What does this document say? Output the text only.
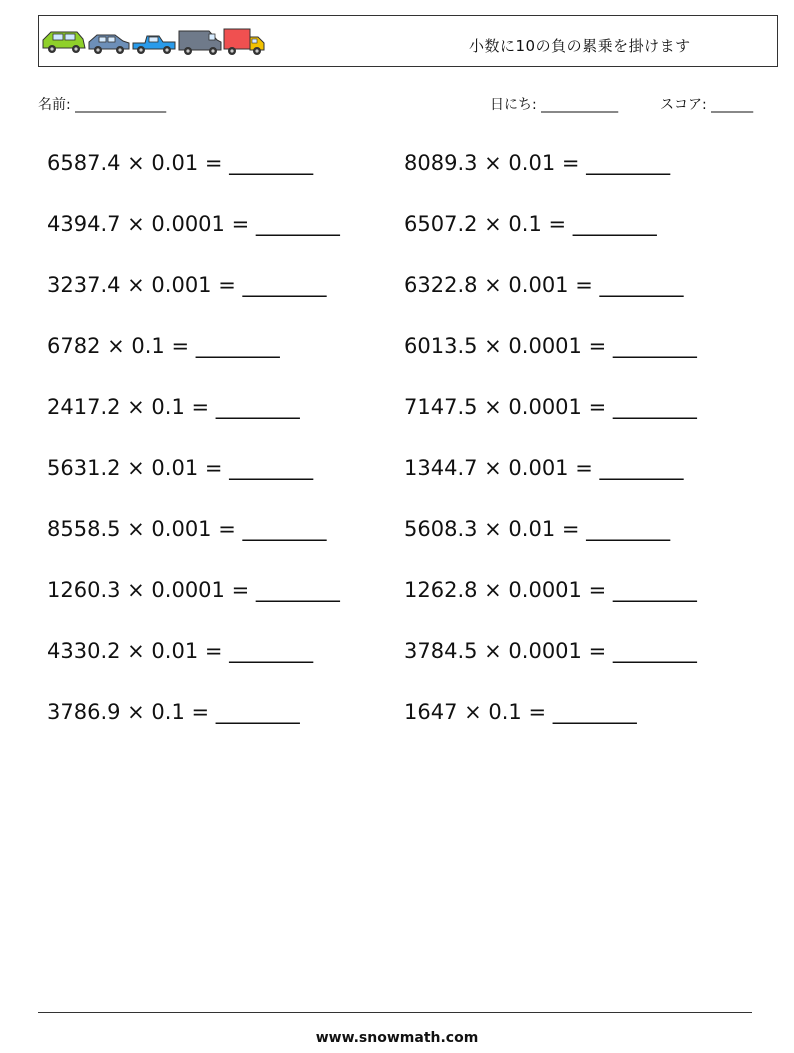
小数に10の負の累乗を掛けます
名前: _____________	日にち: ___________	スコア: ______
6587.4 × 0.01 = ________
4394.7 × 0.0001 = ________
3237.4 × 0.001 = ________
6782 × 0.1 = ________
2417.2 × 0.1 = ________
5631.2 × 0.01 = ________
8558.5 × 0.001 = ________
1260.3 × 0.0001 = ________
4330.2 × 0.01 = ________
3786.9 × 0.1 = ________
8089.3 × 0.01 = ________
6507.2 × 0.1 = ________
6322.8 × 0.001 = ________
6013.5 × 0.0001 = ________
7147.5 × 0.0001 = ________
1344.7 × 0.001 = ________
5608.3 × 0.01 = ________
1262.8 × 0.0001 = ________
3784.5 × 0.0001 = ________
1647 × 0.1 = ________
www.snowmath.com
